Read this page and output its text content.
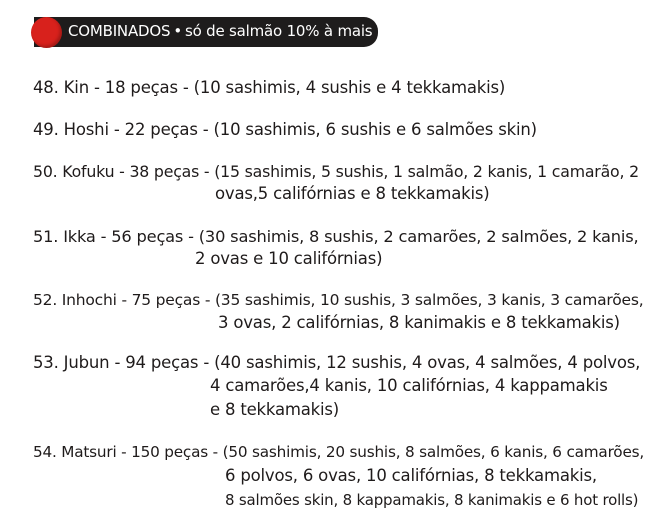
COMBINADOS • só de salmão 10% à mais
48. Kin - 18 peças - (10 sashimis, 4 sushis e 4 tekkamakis)
49. Hoshi - 22 peças - (10 sashimis, 6 sushis e 6 salmões skin)
50. Kofuku - 38 peças - (15 sashimis, 5 sushis, 1 salmão, 2 kanis, 1 camarão, 2
ovas,5 califórnias e 8 tekkamakis)
51. Ikka - 56 peças - (30 sashimis, 8 sushis, 2 camarões, 2 salmões, 2 kanis,
2 ovas e 10 califórnias)
52. Inhochi - 75 peças - (35 sashimis, 10 sushis, 3 salmões, 3 kanis, 3 camarões,
3 ovas, 2 califórnias, 8 kanimakis e 8 tekkamakis)
53. Jubun - 94 peças - (40 sashimis, 12 sushis, 4 ovas, 4 salmões, 4 polvos,
4 camarões,4 kanis, 10 califórnias, 4 kappamakis
e 8 tekkamakis)
54. Matsuri - 150 peças - (50 sashimis, 20 sushis, 8 salmões, 6 kanis, 6 camarões,
6 polvos, 6 ovas, 10 califórnias, 8 tekkamakis,
8 salmões skin, 8 kappamakis, 8 kanimakis e 6 hot rolls)
